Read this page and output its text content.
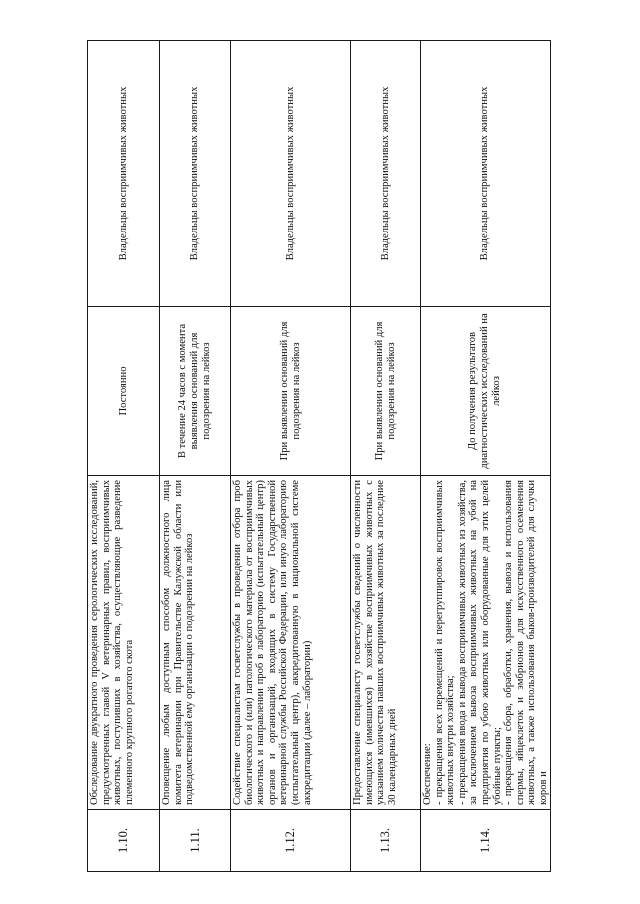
1.10.	Обследование двукратного проведения серологических исследований, предусмотренных главой V ветеринарных правил, восприимчивых животных, поступивших в хозяйства, осуществляющие разведение племенного крупного рогатого скота	Постоянно	Владельцы восприимчивых животных
1.11.	Оповещение любым доступным способом должностного лица комитета ветеринарии при Правительстве Калужской области или подведомственной ему организации о подозрении на лейкоз	В течение 24 часов с момента выявления оснований для подозрения на лейкоз	Владельцы восприимчивых животных
1.12.	Содействие специалистам госветслужбы в проведении отбора проб биологического и (или) патологического материала от восприимчивых животных и направлении проб в лабораторию (испытательный центр) органов и организаций, входящих в систему Государственной ветеринарной службы Российской Федерации, или иную лабораторию (испытательный центр), аккредитованную в национальной системе аккредитации (далее – лаборатории)	При выявлении оснований для подозрения на лейкоз	Владельцы восприимчивых животных
1.13.	Предоставление специалисту госветслужбы сведений о численности имеющихся (имевшихся) в хозяйстве восприимчивых животных с указанием количества павших восприимчивых животных за последние 30 календарных дней	При выявлении оснований для подозрения на лейкоз	Владельцы восприимчивых животных
1.14.	Обеспечение: - прекращения всех перемещений и перегруппировок восприимчивых животных внутри хозяйства; - прекращения ввода и вывода восприимчивых животных из хозяйства, за исключением вывоза восприимчивых животных на убой на предприятия по убою животных или оборудованные для этих целей убойные пункты; - прекращения сбора, обработки, хранения, вывоза и использования спермы, яйцеклеток и эмбрионов для искусственного осеменения животных, а также использования быков-производителей для случки коров и	До получения результатов диагностических исследований на лейкоз	Владельцы восприимчивых животных
